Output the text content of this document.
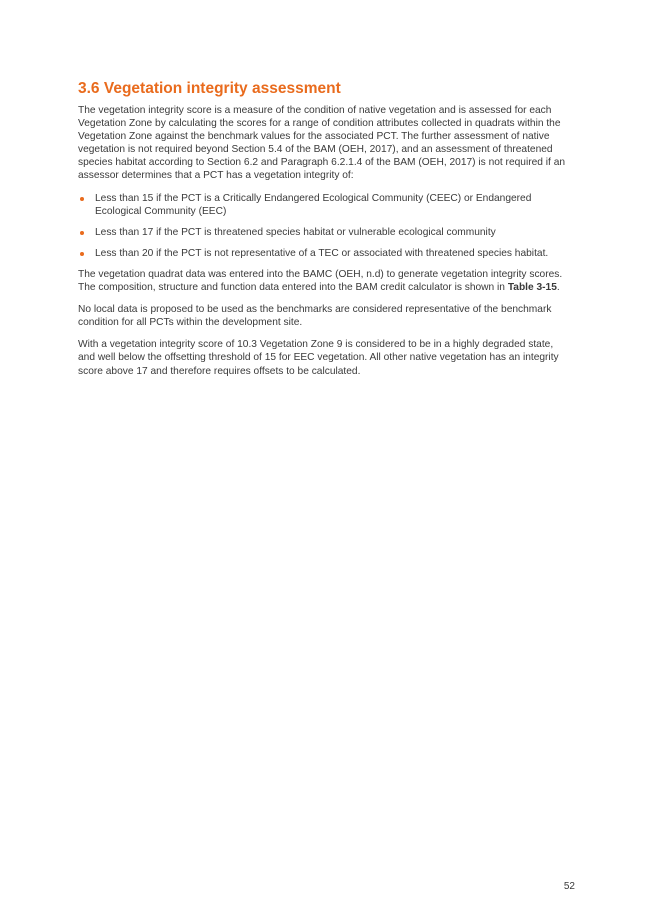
3.6 Vegetation integrity assessment

The vegetation integrity score is a measure of the condition of native vegetation and is assessed for each Vegetation Zone by calculating the scores for a range of condition attributes collected in quadrats within the Vegetation Zone against the benchmark values for the associated PCT. The further assessment of native vegetation is not required beyond Section 5.4 of the BAM (OEH, 2017), and an assessment of threatened species habitat according to Section 6.2 and Paragraph 6.2.1.4 of the BAM (OEH, 2017) is not required if an assessor determines that a PCT has a vegetation integrity of:

Less than 15 if the PCT is a Critically Endangered Ecological Community (CEEC) or Endangered Ecological Community (EEC)
Less than 17 if the PCT is threatened species habitat or vulnerable ecological community
Less than 20 if the PCT is not representative of a TEC or associated with threatened species habitat.

The vegetation quadrat data was entered into the BAMC (OEH, n.d) to generate vegetation integrity scores. The composition, structure and function data entered into the BAM credit calculator is shown in Table 3-15.

No local data is proposed to be used as the benchmarks are considered representative of the benchmark condition for all PCTs within the development site.

With a vegetation integrity score of 10.3 Vegetation Zone 9 is considered to be in a highly degraded state, and well below the offsetting threshold of 15 for EEC vegetation. All other native vegetation has an integrity score above 17 and therefore requires offsets to be calculated.

52
